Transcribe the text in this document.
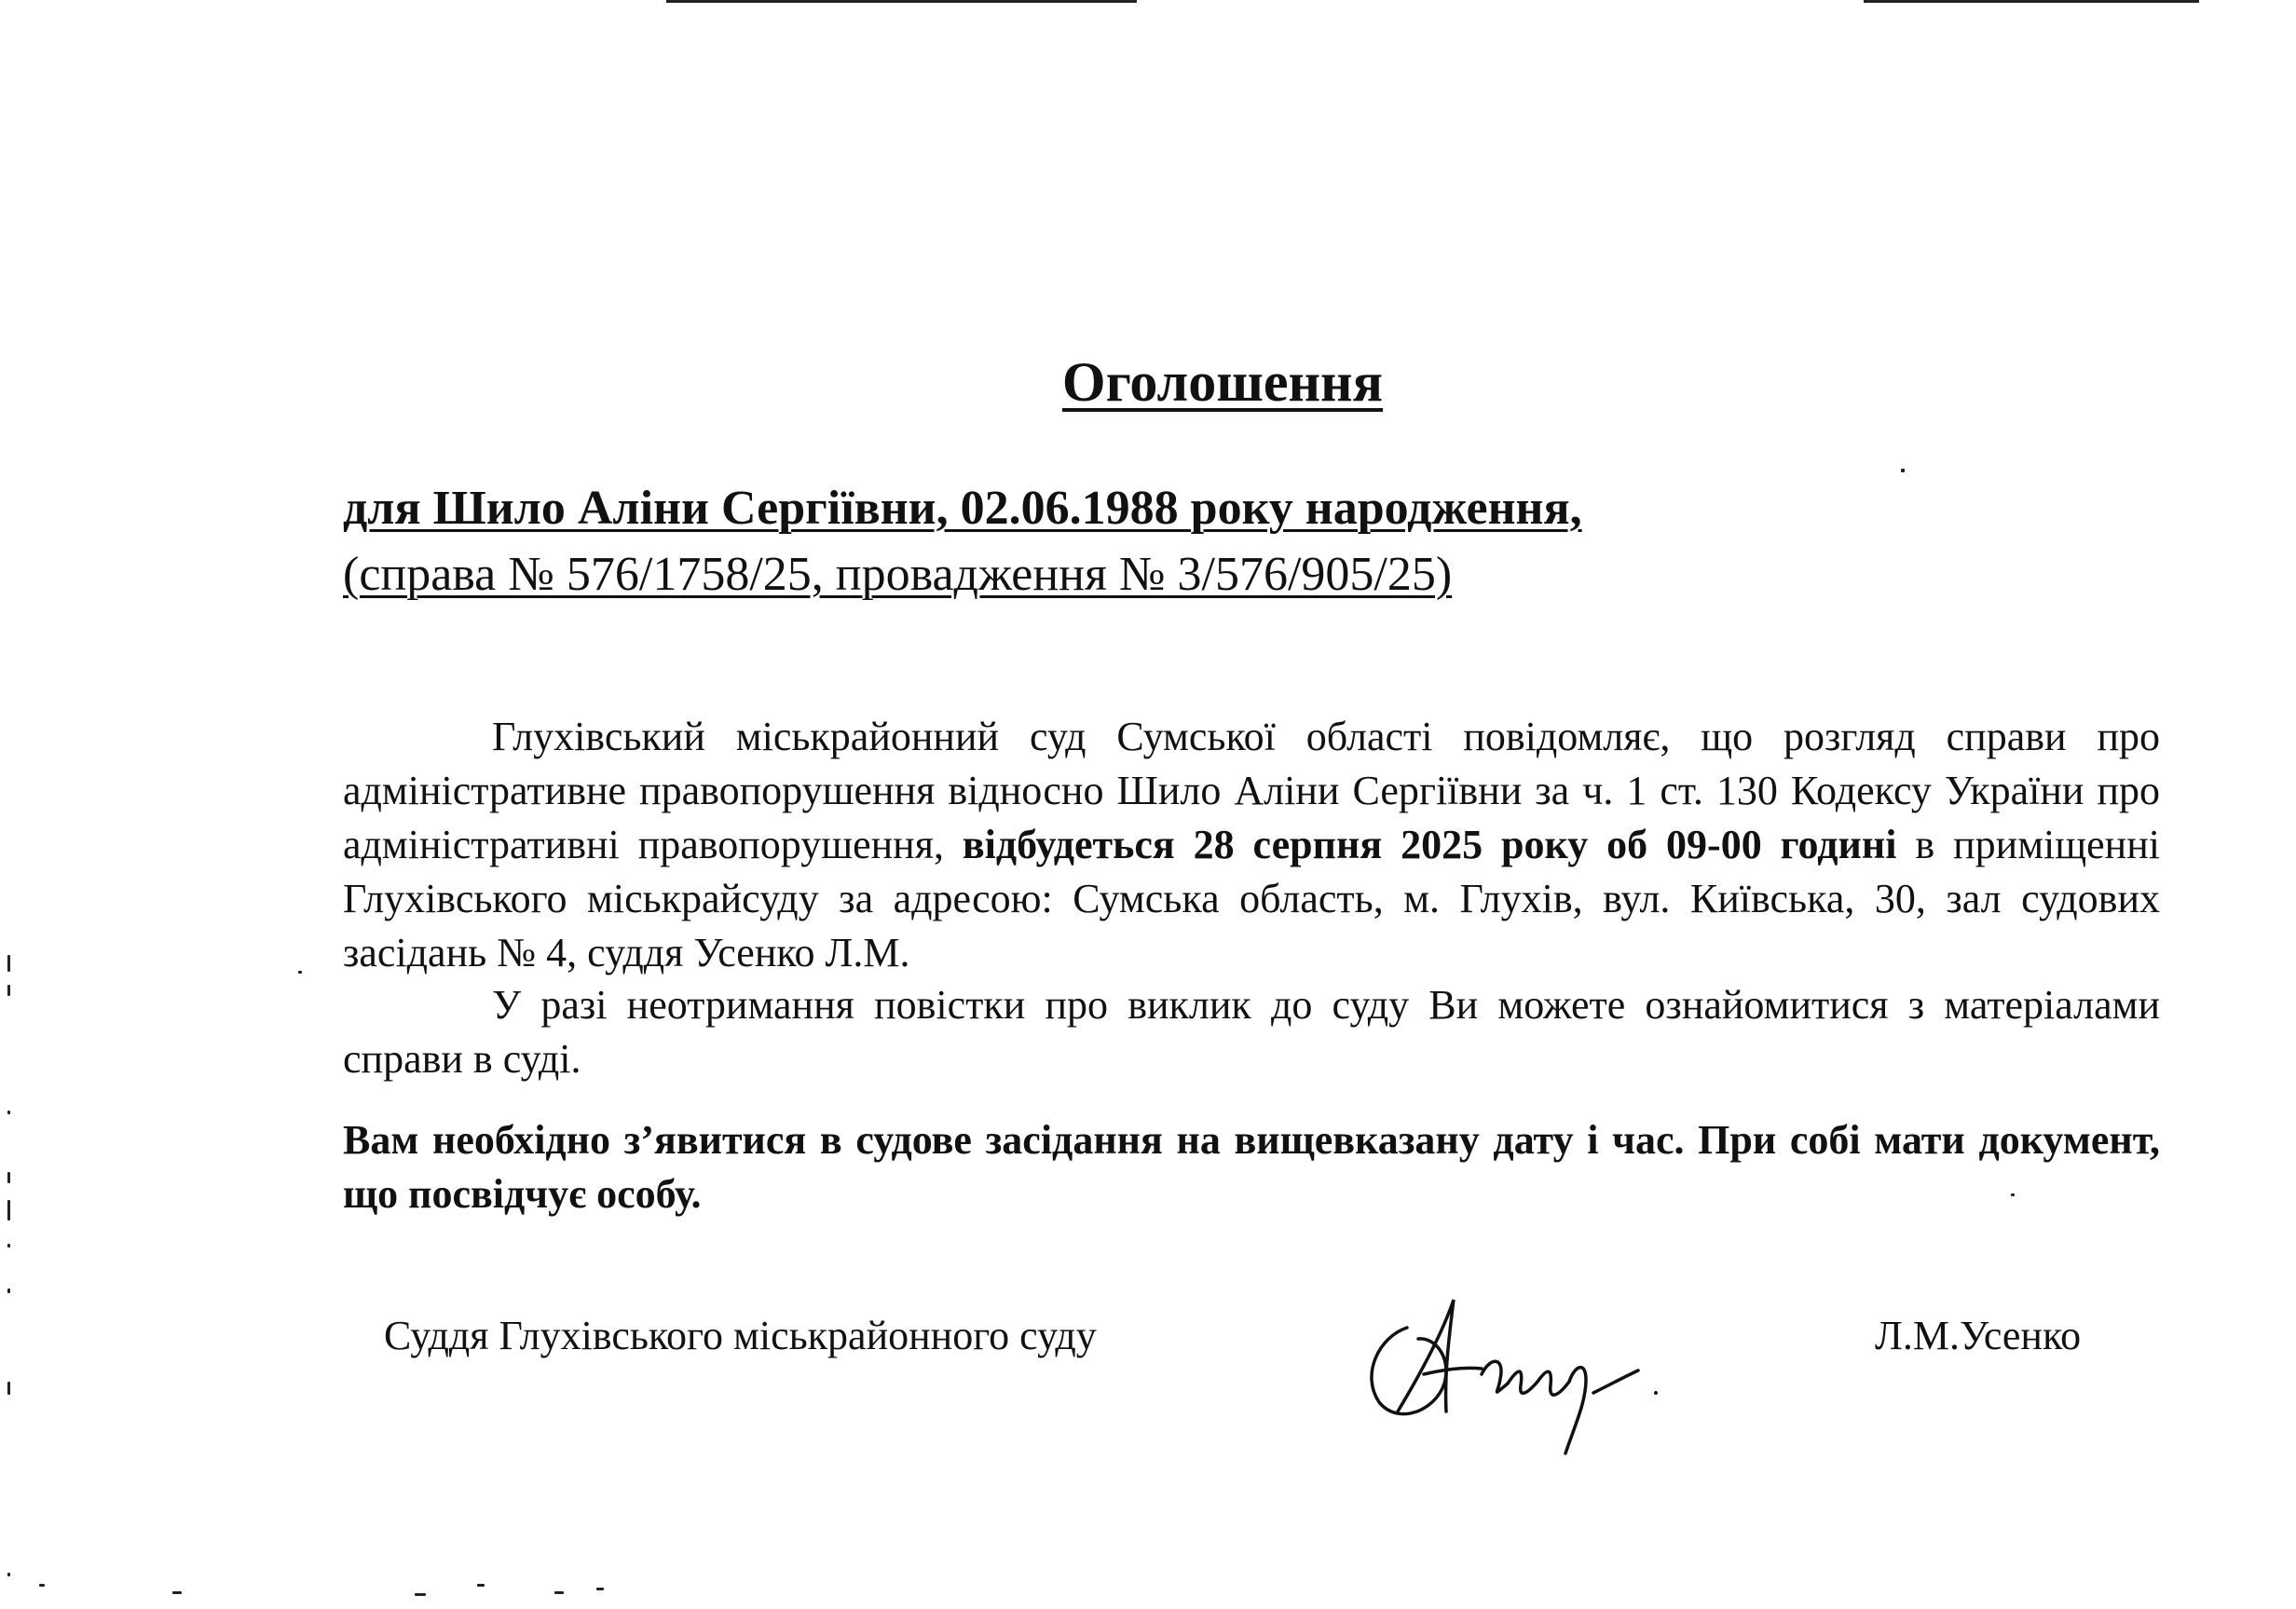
Оголошення
для Шило Аліни Сергіївни, 02.06.1988 року народження,
(справа № 576/1758/25, провадження № 3/576/905/25)
Глухівський міськрайонний суд Сумської області повідомляє, що розгляд справи про адміністративне правопорушення відносно Шило Аліни Сергіївни за ч. 1 ст. 130 Кодексу України про адміністративні правопорушення, відбудеться 28 серпня 2025 року об 09-00 годині в приміщенні Глухівського міськрайсуду за адресою: Сумська область, м. Глухів, вул. Київська, 30, зал судових засідань № 4, суддя Усенко Л.М.
У разі неотримання повістки про виклик до суду Ви можете ознайомитися з матеріалами справи в суді.
Вам необхідно з’явитися в судове засідання на вищевказану дату і час. При собі мати документ, що посвідчує особу.
Суддя Глухівського міськрайонного суду	Л.М.Усенко
